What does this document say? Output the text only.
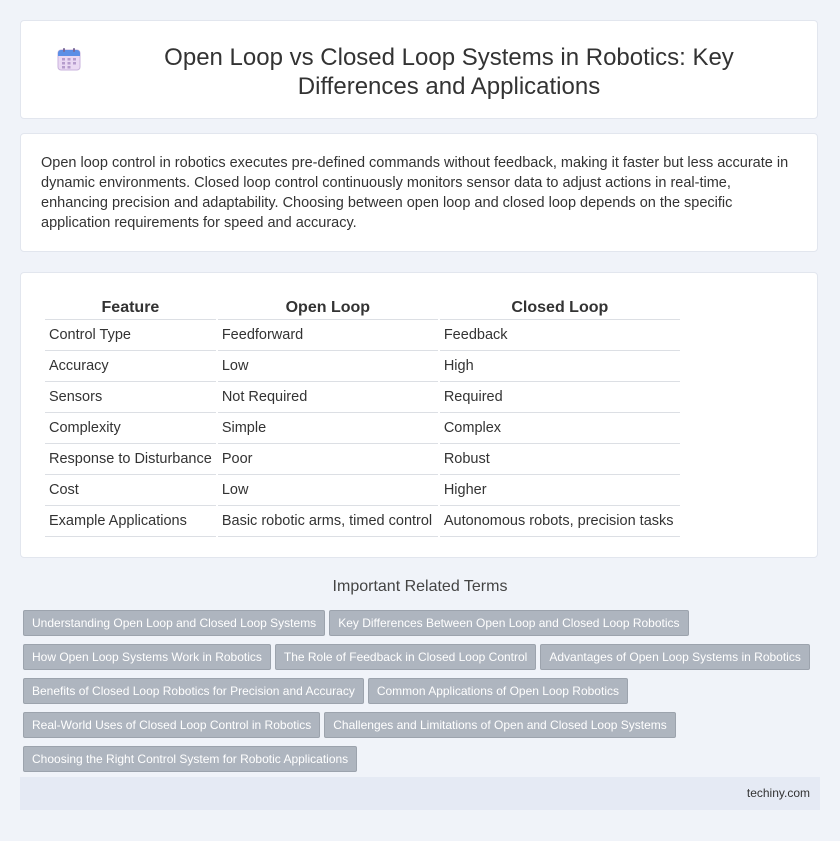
Open Loop vs Closed Loop Systems in Robotics: Key Differences and Applications

Open loop control in robotics executes pre-defined commands without feedback, making it faster but less accurate in dynamic environments. Closed loop control continuously monitors sensor data to adjust actions in real-time, enhancing precision and adaptability. Choosing between open loop and closed loop depends on the specific application requirements for speed and accuracy.

Feature	Open Loop	Closed Loop
Control Type	Feedforward	Feedback
Accuracy	Low	High
Sensors	Not Required	Required
Complexity	Simple	Complex
Response to Disturbance	Poor	Robust
Cost	Low	Higher
Example Applications	Basic robotic arms, timed control	Autonomous robots, precision tasks
Important Related Terms
Understanding Open Loop and Closed Loop Systems Key Differences Between Open Loop and Closed Loop Robotics
How Open Loop Systems Work in Robotics The Role of Feedback in Closed Loop Control Advantages of Open Loop Systems in Robotics
Benefits of Closed Loop Robotics for Precision and Accuracy Common Applications of Open Loop Robotics
Real-World Uses of Closed Loop Control in Robotics Challenges and Limitations of Open and Closed Loop Systems
Choosing the Right Control System for Robotic Applications
techiny.com
